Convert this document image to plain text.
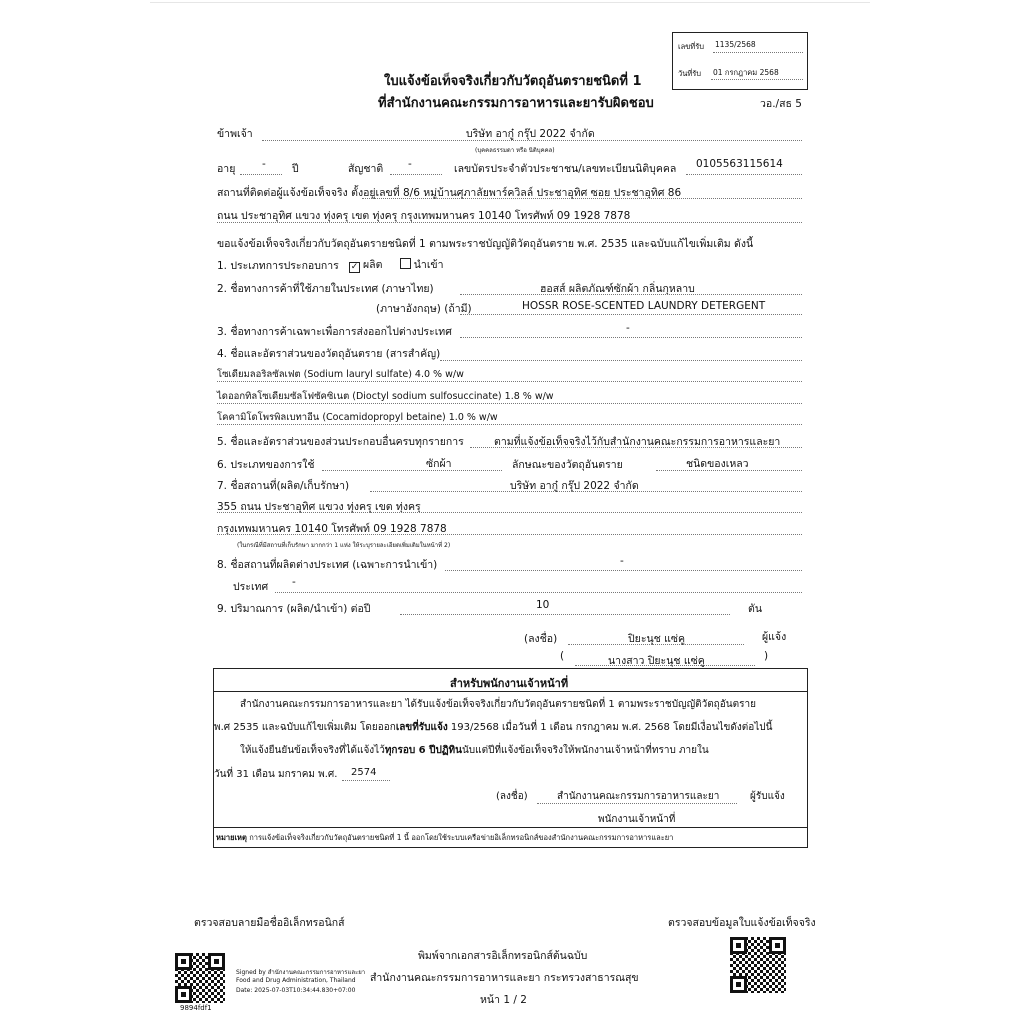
เลขที่รับ 1135/2568
วันที่รับ 01 กรกฎาคม 2568
ใบแจ้งข้อเท็จจริงเกี่ยวกับวัตถุอันตรายชนิดที่ 1
ที่สำนักงานคณะกรรมการอาหารและยารับผิดชอบ	วอ./สธ 5
ข้าพเจ้า	บริษัท อากู๋ กรุ๊ป 2022 จำกัด
(บุคคลธรรมดา หรือ นิติบุคคล)
อายุ	- ปี	สัญชาติ -	เลขบัตรประจำตัวประชาชน/เลขทะเบียนนิติบุคคล 0105563115614
สถานที่ติดต่อผู้แจ้งข้อเท็จจริง ตั้งอยู่เลขที่ 8/6 หมู่บ้านศุภาลัยพาร์ควิลล์ ประชาอุทิศ ซอย ประชาอุทิศ 86
ถนน ประชาอุทิศ แขวง ทุ่งครุ เขต ทุ่งครุ กรุงเทพมหานคร 10140 โทรศัพท์ 09 1928 7878
ขอแจ้งข้อเท็จจริงเกี่ยวกับวัตถุอันตรายชนิดที่ 1 ตามพระราชบัญญัติวัตถุอันตราย พ.ศ. 2535 และฉบับแก้ไขเพิ่มเติม ดังนี้
1. ประเภทการประกอบการ	✓ ผลิต	นำเข้า
2. ชื่อทางการค้าที่ใช้ภายในประเทศ (ภาษาไทย)	ฮอสส์ ผลิตภัณฑ์ซักผ้า กลิ่นกุหลาบ
(ภาษาอังกฤษ) (ถ้ามี)	HOSSR ROSE-SCENTED LAUNDRY DETERGENT
3. ชื่อทางการค้าเฉพาะเพื่อการส่งออกไปต่างประเทศ	-
4. ชื่อและอัตราส่วนของวัตถุอันตราย (สารสำคัญ)
โซเดียมลอริลซัลเฟต (Sodium lauryl sulfate) 4.0 % w/w
ไดออกทิลโซเดียมซัลโฟซัคซิเนต (Dioctyl sodium sulfosuccinate) 1.8 % w/w
โคคามิโดโพรพิลเบทาอีน (Cocamidopropyl betaine) 1.0 % w/w
5. ชื่อและอัตราส่วนของส่วนประกอบอื่นครบทุกรายการ	ตามที่แจ้งข้อเท็จจริงไว้กับสำนักงานคณะกรรมการอาหารและยา
6. ประเภทของการใช้	ซักผ้า	ลักษณะของวัตถุอันตราย	ชนิดของเหลว
7. ชื่อสถานที่(ผลิต/เก็บรักษา)	บริษัท อากู๋ กรุ๊ป 2022 จำกัด
355 ถนน ประชาอุทิศ แขวง ทุ่งครุ เขต ทุ่งครุ
กรุงเทพมหานคร 10140 โทรศัพท์ 09 1928 7878
(ในกรณีที่มีสถานที่เก็บรักษา มากกว่า 1 แห่ง ให้ระบุรายละเอียดเพิ่มเติมในหน้าที่ 2)
8. ชื่อสถานที่ผลิตต่างประเทศ (เฉพาะการนำเข้า)	-
ประเทศ -
9. ปริมาณการ (ผลิต/นำเข้า) ต่อปี	10	ตัน
(ลงชื่อ)	ปิยะนุช แซ่คู	ผู้แจ้ง
(	นางสาว ปิยะนุช แซ่คู	)
สำหรับพนักงานเจ้าหน้าที่
สำนักงานคณะกรรมการอาหารและยา ได้รับแจ้งข้อเท็จจริงเกี่ยวกับวัตถุอันตรายชนิดที่ 1 ตามพระราชบัญญัติวัตถุอันตราย
พ.ศ 2535 และฉบับแก้ไขเพิ่มเติม โดยออกเลขที่รับแจ้ง 193/2568 เมื่อวันที่ 1 เดือน กรกฎาคม พ.ศ. 2568 โดยมีเงื่อนไขดังต่อไปนี้
ให้แจ้งยืนยันข้อเท็จจริงที่ได้แจ้งไว้ทุกรอบ 6 ปีปฏิทินนับแต่ปีที่แจ้งข้อเท็จจริงให้พนักงานเจ้าหน้าที่ทราบ ภายใน
วันที่ 31 เดือน มกราคม พ.ศ. 2574
(ลงชื่อ)	สำนักงานคณะกรรมการอาหารและยา	ผู้รับแจ้ง
พนักงานเจ้าหน้าที่
หมายเหตุ การแจ้งข้อเท็จจริงเกี่ยวกับวัตถุอันตรายชนิดที่ 1 นี้ ออกโดยใช้ระบบเครือข่ายอิเล็กทรอนิกส์ของสำนักงานคณะกรรมการอาหารและยา
ตรวจสอบลายมือชื่ออิเล็กทรอนิกส์	ตรวจสอบข้อมูลใบแจ้งข้อเท็จจริง
9894fdf1
Signed by สำนักงานคณะกรรมการอาหารและยา
Food and Drug Administration, Thailand
Date: 2025-07-03T10:34:44.830+07:00
พิมพ์จากเอกสารอิเล็กทรอนิกส์ต้นฉบับ
สำนักงานคณะกรรมการอาหารและยา กระทรวงสาธารณสุข
หน้า 1 / 2
